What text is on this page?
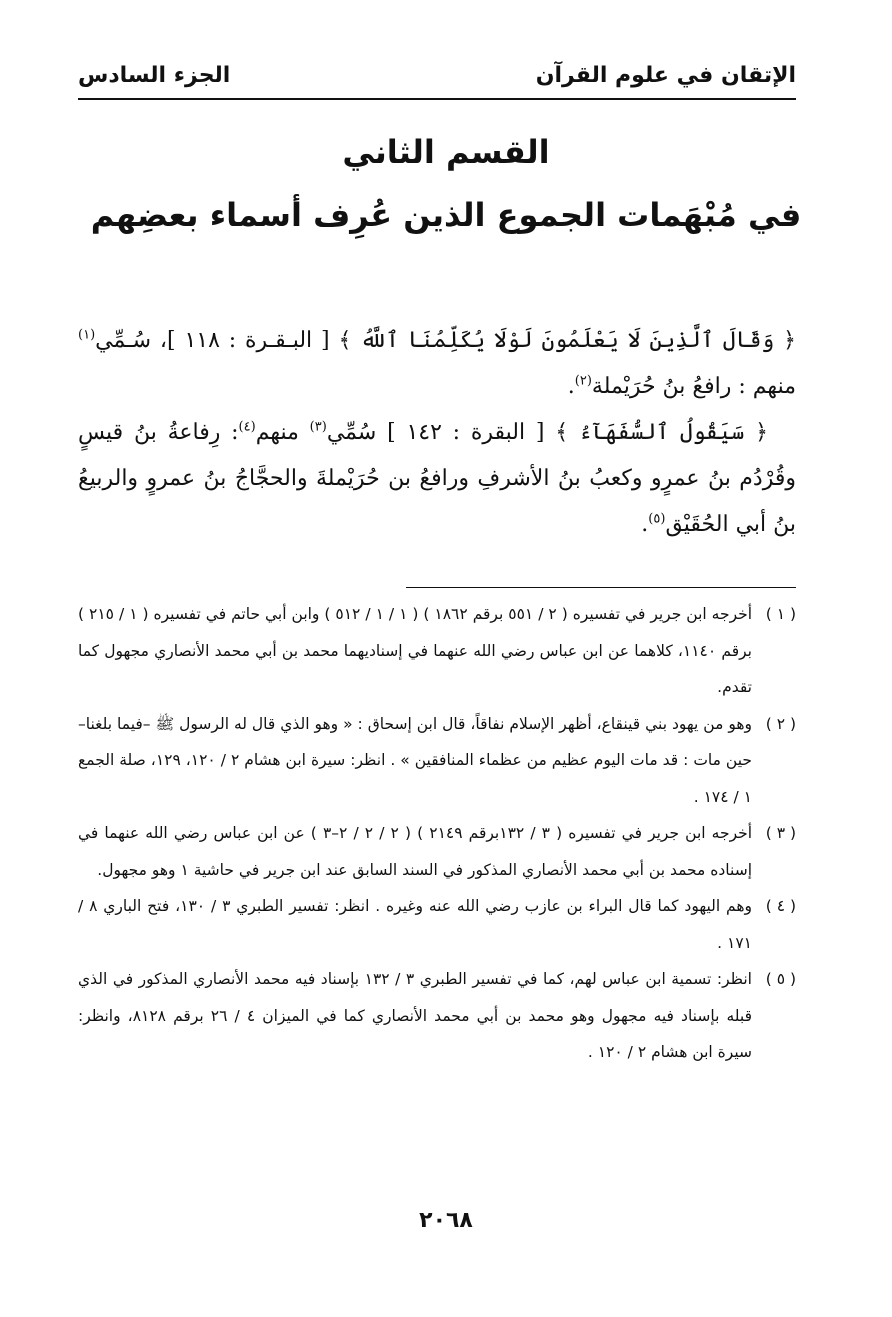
الإتقان في علوم القرآن
الجزء السادس
القسم الثاني
في مُبْهَمات الجموع الذين عُرِف أسماء بعضِهم

﴿ وَقَالَ ٱلَّذِينَ لَا يَعْلَمُونَ لَوْلَا يُكَلِّمُنَا ٱللَّهُ ﴾ [ البـقـرة : ١١٨ ]، سُـمِّي$^{(١)}$ منهم : رافعُ بنُ حُرَيْملة$^{(٢)}$.

﴿ سَيَقُولُ ٱلسُّفَهَآءُ ﴾ [ البقرة : ١٤٢ ] سُمِّي$^{(٣)}$ منهم$^{(٤)}$: رِفاعةُ بنُ قيسٍ وقُرْدُم بنُ عمرٍو وكعبُ بنُ الأشرفِ ورافعُ بن حُرَيْملةَ والحجَّاجُ بنُ عمروٍ والربيعُ بنُ أبي الحُقَيْق$^{(٥)}$.

( ١ )
أخرجه ابن جرير في تفسيره ( ٢ / ٥٥١ برقم ١٨٦٢ ) ( ١ / ١ / ٥١٢ ) وابن أبي حاتم في تفسيره ( ١ / ٢١٥ ) برقم ١١٤٠، كلاهما عن ابن عباس رضي الله عنهما في إسناديهما محمد بن أبي محمد الأنصاري مجهول كما تقدم.

( ٢ )
وهو من يهود بني قينقاع، أظهر الإسلام نفاقاً، قال ابن إسحاق : « وهو الذي قال له الرسول ﷺ –فيما بلغنا– حين مات : قد مات اليوم عظيم من عظماء المنافقين » . انظر: سيرة ابن هشام ٢ / ١٢٠، ١٢٩، صلة الجمع ١ / ١٧٤ .

( ٣ )
أخرجه ابن جرير في تفسيره ( ٣ / ١٣٢برقم ٢١٤٩ ) ( ٢ / ٢ / ٢–٣ ) عن ابن عباس رضي الله عنهما في إسناده محمد بن أبي محمد الأنصاري المذكور في السند السابق عند ابن جرير في حاشية ١ وهو مجهول.

( ٤ )
وهم اليهود كما قال البراء بن عازب رضي الله عنه وغيره . انظر: تفسير الطبري ٣ / ١٣٠، فتح الباري ٨ / ١٧١ .

( ٥ )
انظر: تسمية ابن عباس لهم، كما في تفسير الطبري ٣ / ١٣٢ بإسناد فيه محمد الأنصاري المذكور في الذي قبله بإسناد فيه مجهول وهو محمد بن أبي محمد الأنصاري كما في الميزان ٤ / ٢٦ برقم ٨١٢٨، وانظر: سيرة ابن هشام ٢ / ١٢٠ .

٢٠٦٨
